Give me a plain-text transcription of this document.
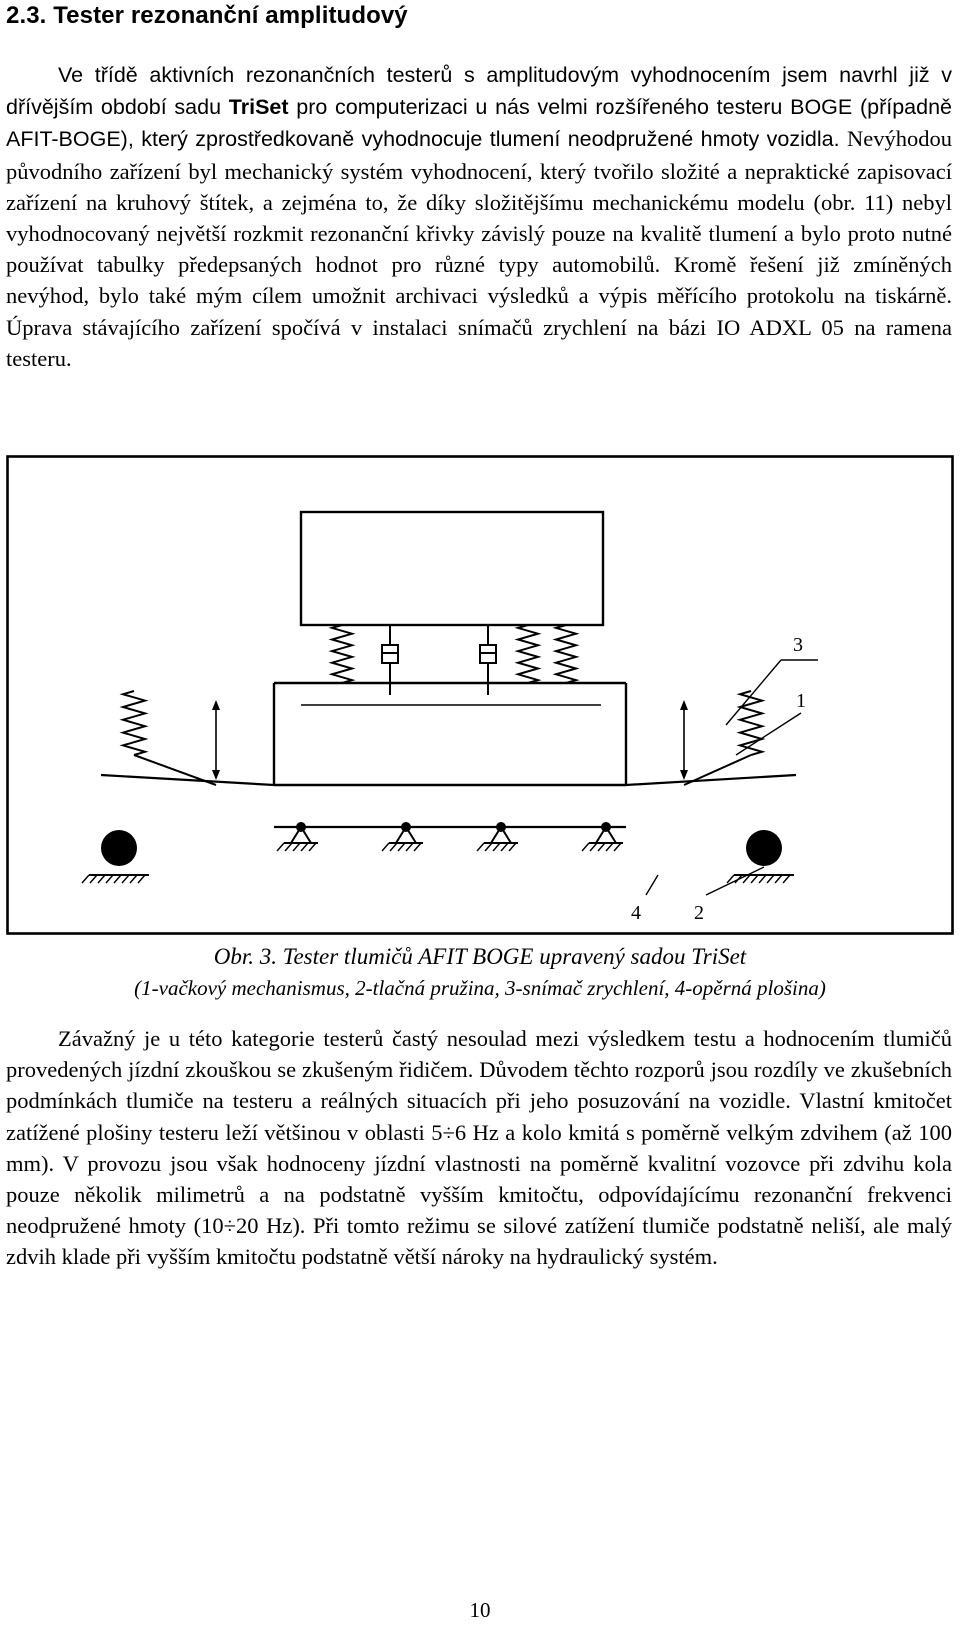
2.3. Tester rezonanční amplitudový

Ve třídě aktivních rezonančních testerů s amplitudovým vyhodnocením jsem navrhl již v dřívějším období sadu TriSet pro computerizaci u nás velmi rozšířeného testeru BOGE (případně AFIT-BOGE), který zprostředkovaně vyhodnocuje tlumení neodpružené hmoty vozidla. Nevýhodou původního zařízení byl mechanický systém vyhodnocení, který tvořilo složité a nepraktické zapisovací zařízení na kruhový štítek, a zejména to, že díky složitějšímu mechanickému modelu (obr. 11) nebyl vyhodnocovaný největší rozkmit rezonanční křivky závislý pouze na kvalitě tlumení a bylo proto nutné používat tabulky předepsaných hodnot pro různé typy automobilů. Kromě řešení již zmíněných nevýhod, bylo také mým cílem umožnit archivaci výsledků a výpis měřícího protokolu na tiskárně. Úprava stávajícího zařízení spočívá v instalaci snímačů zrychlení na bázi IO ADXL 05 na ramena testeru.

3
1
4	2

Obr. 3. Tester tlumičů AFIT BOGE upravený sadou TriSet

(1-vačkový mechanismus, 2-tlačná pružina, 3-snímač zrychlení, 4-opěrná plošina)

Závažný je u této kategorie testerů častý nesoulad mezi výsledkem testu a hodnocením tlumičů provedených jízdní zkouškou se zkušeným řidičem. Důvodem těchto rozporů jsou rozdíly ve zkušebních podmínkách tlumiče na testeru a reálných situacích při jeho posuzování na vozidle. Vlastní kmitočet zatížené plošiny testeru leží většinou v oblasti 5÷6 Hz a kolo kmitá s poměrně velkým zdvihem (až 100 mm). V provozu jsou však hodnoceny jízdní vlastnosti na poměrně kvalitní vozovce při zdvihu kola pouze několik milimetrů a na podstatně vyšším kmitočtu, odpovídajícímu rezonanční frekvenci neodpružené hmoty (10÷20 Hz). Při tomto režimu se silové zatížení tlumiče podstatně neliší, ale malý zdvih klade při vyšším kmitočtu podstatně větší nároky na hydraulický systém.

10
